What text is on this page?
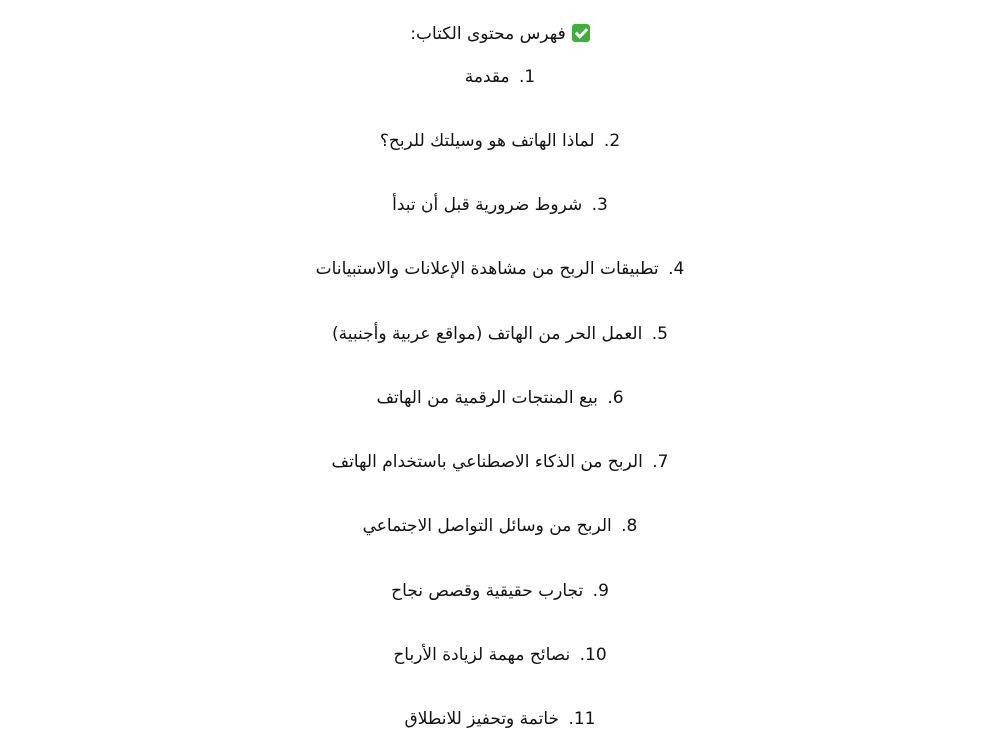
فهرس محتوى الكتاب:
1. مقدمة
2. لماذا الهاتف هو وسيلتك للربح؟
3. شروط ضرورية قبل أن تبدأ
4. تطبيقات الربح من مشاهدة الإعلانات والاستبيانات
5. العمل الحر من الهاتف (مواقع عربية وأجنبية)
6. بيع المنتجات الرقمية من الهاتف
7. الربح من الذكاء الاصطناعي باستخدام الهاتف
8. الربح من وسائل التواصل الاجتماعي
9. تجارب حقيقية وقصص نجاح
10. نصائح مهمة لزيادة الأرباح
11. خاتمة وتحفيز للانطلاق
